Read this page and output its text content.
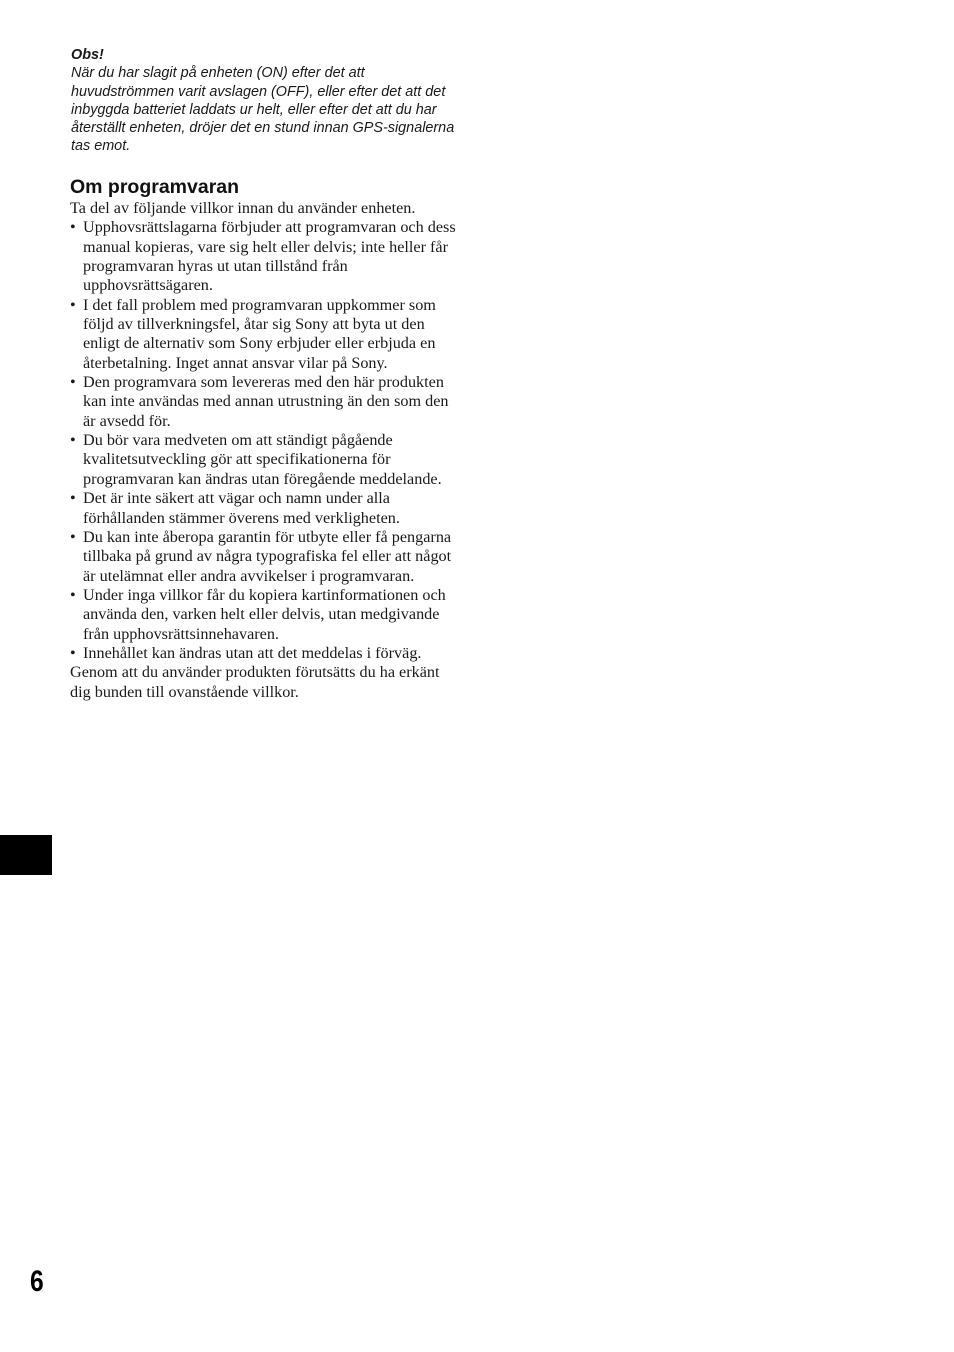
Obs!
När du har slagit på enheten (ON) efter det att huvudströmmen varit avslagen (OFF), eller efter det att det inbyggda batteriet laddats ur helt, eller efter det att du har återställt enheten, dröjer det en stund innan GPS-signalerna tas emot.
Om programvaran

Ta del av följande villkor innan du använder enheten.

• Upphovsrättslagarna förbjuder att programvaran och dess manual kopieras, vare sig helt eller delvis; inte heller får programvaran hyras ut utan tillstånd från upphovsrättsägaren.
• I det fall problem med programvaran uppkommer som följd av tillverkningsfel, åtar sig Sony att byta ut den enligt de alternativ som Sony erbjuder eller erbjuda en återbetalning. Inget annat ansvar vilar på Sony.
• Den programvara som levereras med den här produkten kan inte användas med annan utrustning än den som den är avsedd för.
• Du bör vara medveten om att ständigt pågående kvalitetsutveckling gör att specifikationerna för programvaran kan ändras utan föregående meddelande.
• Det är inte säkert att vägar och namn under alla förhållanden stämmer överens med verkligheten.
• Du kan inte åberopa garantin för utbyte eller få pengarna tillbaka på grund av några typografiska fel eller att något är utelämnat eller andra avvikelser i programvaran.
• Under inga villkor får du kopiera kartinformationen och använda den, varken helt eller delvis, utan medgivande från upphovsrättsinnehavaren.
• Innehållet kan ändras utan att det meddelas i förväg.

Genom att du använder produkten förutsätts du ha erkänt dig bunden till ovanstående villkor.

6
